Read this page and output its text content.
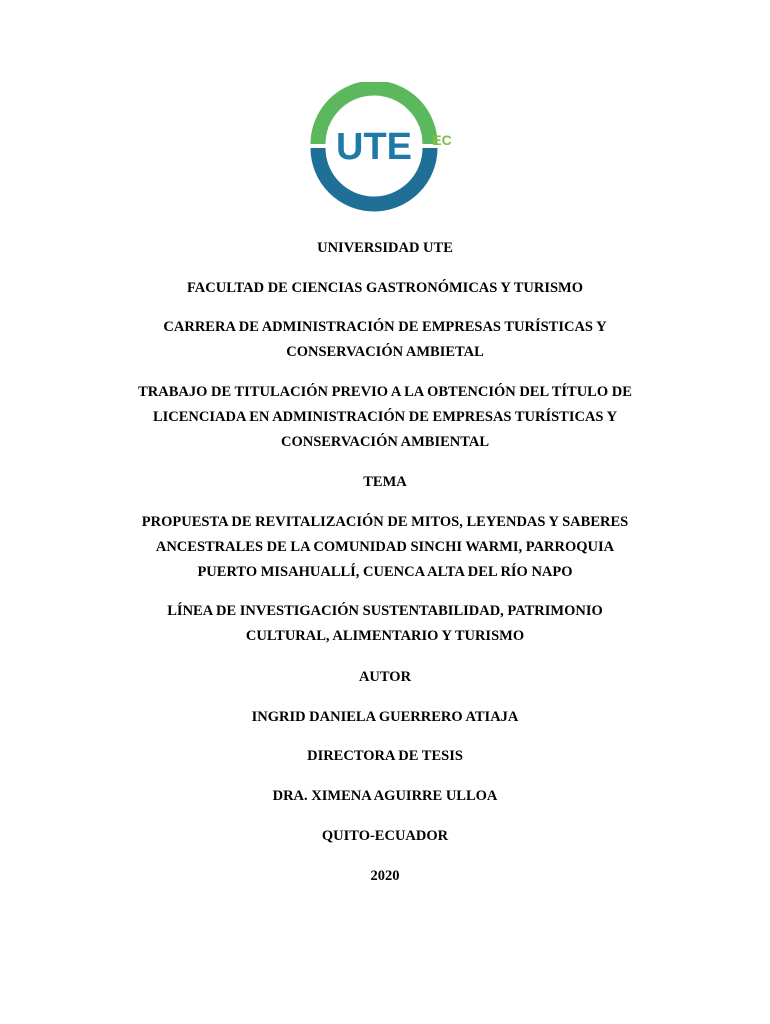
UTE EC

UNIVERSIDAD UTE

FACULTAD DE CIENCIAS GASTRONÓMICAS Y TURISMO

CARRERA DE ADMINISTRACIÓN DE EMPRESAS TURÍSTICAS Y
CONSERVACIÓN AMBIETAL

TRABAJO DE TITULACIÓN PREVIO A LA OBTENCIÓN DEL TÍTULO DE
LICENCIADA EN ADMINISTRACIÓN DE EMPRESAS TURÍSTICAS Y
CONSERVACIÓN AMBIENTAL

TEMA

PROPUESTA DE REVITALIZACIÓN DE MITOS, LEYENDAS Y SABERES
ANCESTRALES DE LA COMUNIDAD SINCHI WARMI, PARROQUIA
PUERTO MISAHUALLÍ, CUENCA ALTA DEL RÍO NAPO

LÍNEA DE INVESTIGACIÓN SUSTENTABILIDAD, PATRIMONIO
CULTURAL, ALIMENTARIO Y TURISMO

AUTOR

INGRID DANIELA GUERRERO ATIAJA

DIRECTORA DE TESIS

DRA. XIMENA AGUIRRE ULLOA

QUITO-ECUADOR

2020
